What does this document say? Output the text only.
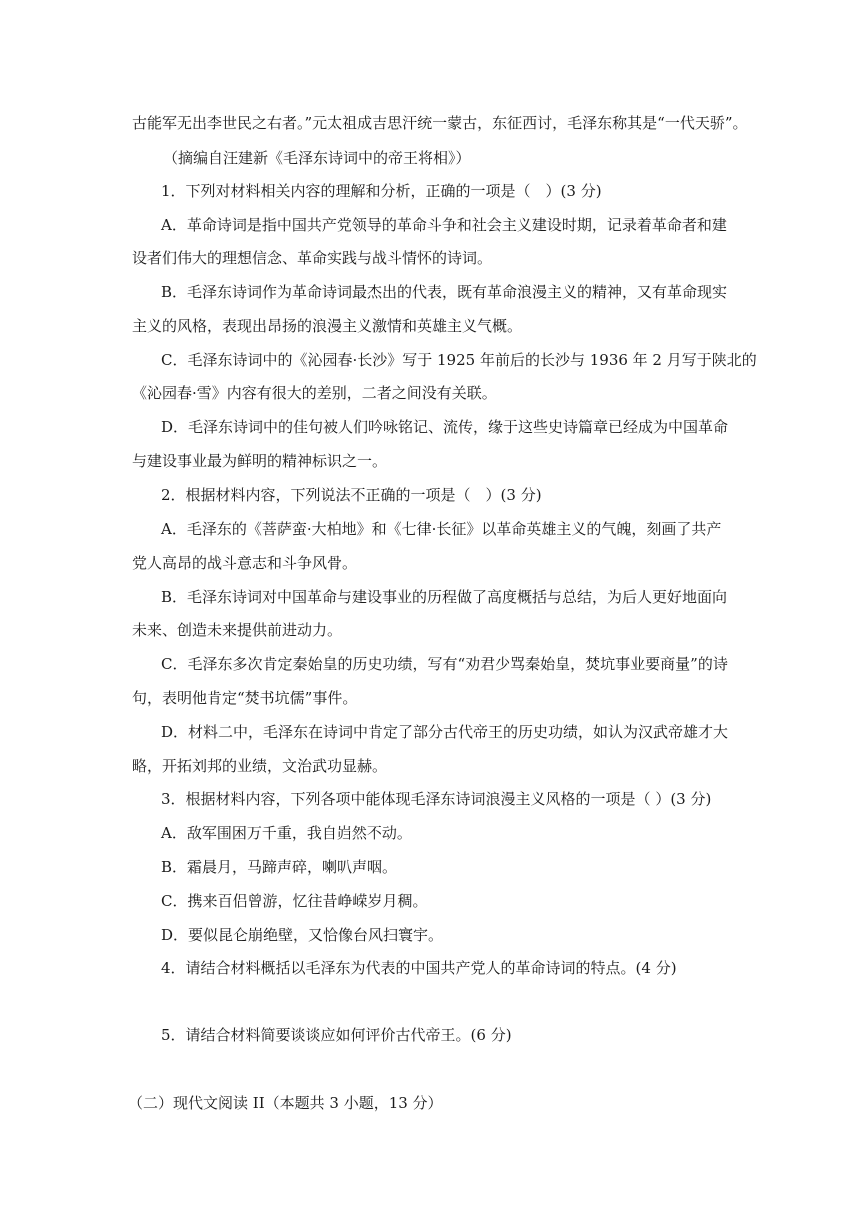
古能军无出李世民之右者。”元太祖成吉思汗统一蒙古，东征西讨，毛泽东称其是“一代天骄”。
（摘编自汪建新《毛泽东诗词中的帝王将相》）
1．下列对材料相关内容的理解和分析，正确的一项是（　）(3 分)
A．革命诗词是指中国共产党领导的革命斗争和社会主义建设时期，记录着革命者和建
设者们伟大的理想信念、革命实践与战斗情怀的诗词。
B．毛泽东诗词作为革命诗词最杰出的代表，既有革命浪漫主义的精神，又有革命现实
主义的风格，表现出昂扬的浪漫主义激情和英雄主义气概。
C．毛泽东诗词中的《沁园春·长沙》写于 1925 年前后的长沙与 1936 年 2 月写于陕北的
《沁园春·雪》内容有很大的差别，二者之间没有关联。
D．毛泽东诗词中的佳句被人们吟咏铭记、流传，缘于这些史诗篇章已经成为中国革命
与建设事业最为鲜明的精神标识之一。
2．根据材料内容，下列说法不正确的一项是（　）(3 分)
A．毛泽东的《菩萨蛮·大柏地》和《七律·长征》以革命英雄主义的气魄，刻画了共产
党人高昂的战斗意志和斗争风骨。
B．毛泽东诗词对中国革命与建设事业的历程做了高度概括与总结，为后人更好地面向
未来、创造未来提供前进动力。
C．毛泽东多次肯定秦始皇的历史功绩，写有“劝君少骂秦始皇，焚坑事业要商量”的诗
句，表明他肯定“焚书坑儒”事件。
D．材料二中，毛泽东在诗词中肯定了部分古代帝王的历史功绩，如认为汉武帝雄才大
略，开拓刘邦的业绩，文治武功显赫。
3．根据材料内容，下列各项中能体现毛泽东诗词浪漫主义风格的一项是（ ）(3 分)
A．敌军围困万千重，我自岿然不动。
B．霜晨月，马蹄声碎，喇叭声咽。
C．携来百侣曾游，忆往昔峥嵘岁月稠。
D．要似昆仑崩绝壁，又恰像台风扫寰宇。
4．请结合材料概括以毛泽东为代表的中国共产党人的革命诗词的特点。(4 分)
5．请结合材料简要谈谈应如何评价古代帝王。(6 分)
（二）现代文阅读 II（本题共 3 小题，13 分）
